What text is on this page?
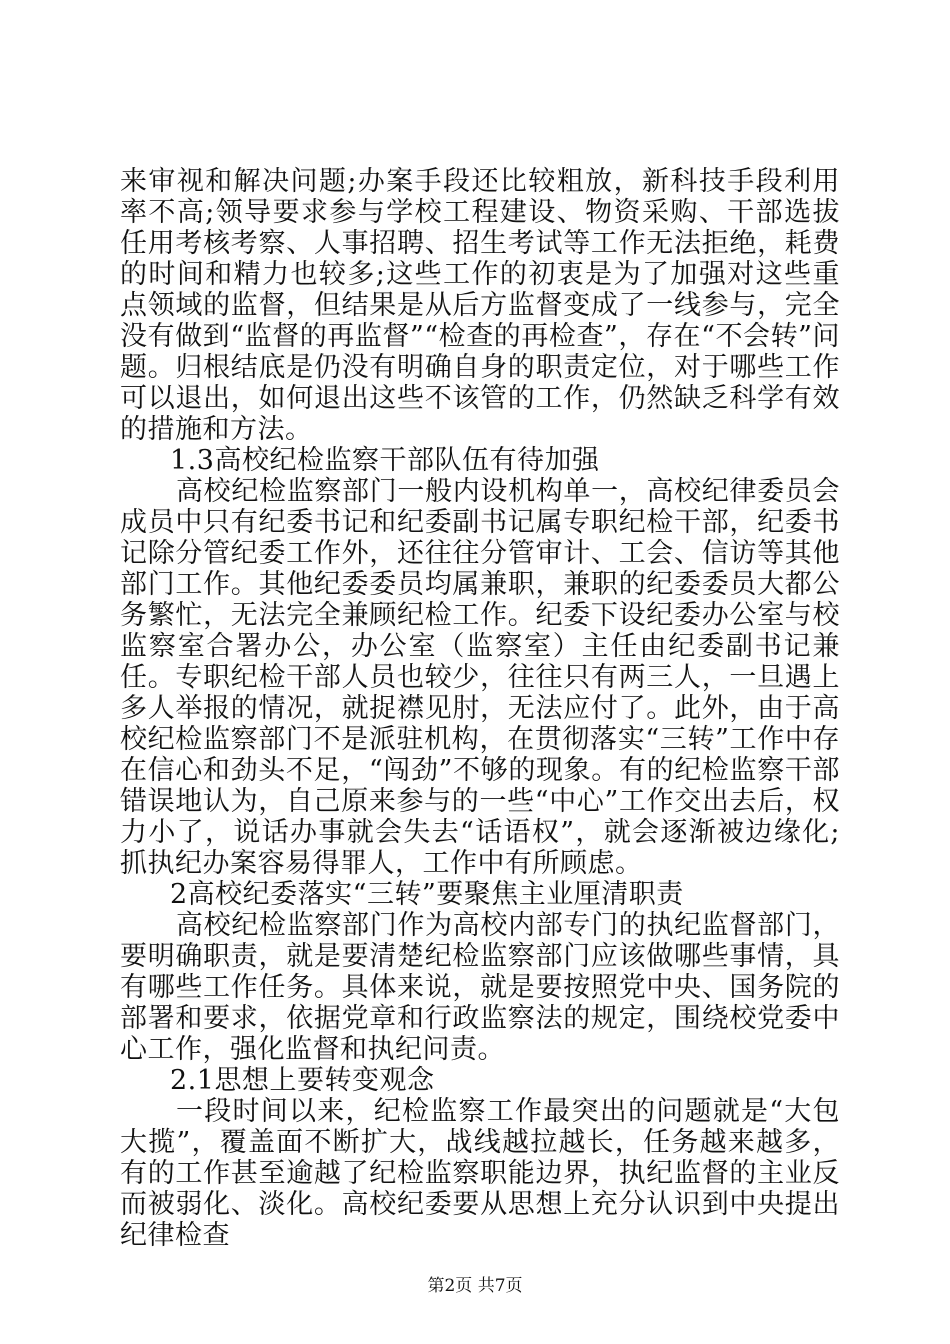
来审视和解决问题;办案手段还比较粗放，新科技手段利用率不高;领导要求参与学校工程建设、物资采购、干部选拔任用考核考察、人事招聘、招生考试等工作无法拒绝，耗费的时间和精力也较多;这些工作的初衷是为了加强对这些重点领域的监督，但结果是从后方监督变成了一线参与，完全没有做到“监督的再监督”“检查的再检查”，存在“不会转”问题。归根结底是仍没有明确自身的职责定位，对于哪些工作可以退出，如何退出这些不该管的工作，仍然缺乏科学有效的措施和方法。

1.3高校纪检监察干部队伍有待加强

高校纪检监察部门一般内设机构单一，高校纪律委员会成员中只有纪委书记和纪委副书记属专职纪检干部，纪委书记除分管纪委工作外，还往往分管审计、工会、信访等其他部门工作。其他纪委委员均属兼职，兼职的纪委委员大都公务繁忙，无法完全兼顾纪检工作。纪委下设纪委办公室与校监察室合署办公，办公室（监察室）主任由纪委副书记兼任。专职纪检干部人员也较少，往往只有两三人，一旦遇上多人举报的情况，就捉襟见肘，无法应付了。此外，由于高校纪检监察部门不是派驻机构，在贯彻落实“三转”工作中存在信心和劲头不足，“闯劲”不够的现象。有的纪检监察干部错误地认为，自己原来参与的一些“中心”工作交出去后，权力小了，说话办事就会失去“话语权”，就会逐渐被边缘化;抓执纪办案容易得罪人，工作中有所顾虑。

2高校纪委落实“三转”要聚焦主业厘清职责

高校纪检监察部门作为高校内部专门的执纪监督部门，要明确职责，就是要清楚纪检监察部门应该做哪些事情，具有哪些工作任务。具体来说，就是要按照党中央、国务院的部署和要求，依据党章和行政监察法的规定，围绕校党委中心工作，强化监督和执纪问责。

2.1思想上要转变观念

一段时间以来，纪检监察工作最突出的问题就是“大包大揽”，覆盖面不断扩大，战线越拉越长，任务越来越多，有的工作甚至逾越了纪检监察职能边界，执纪监督的主业反而被弱化、淡化。高校纪委要从思想上充分认识到中央提出纪律检查

第2页 共7页
